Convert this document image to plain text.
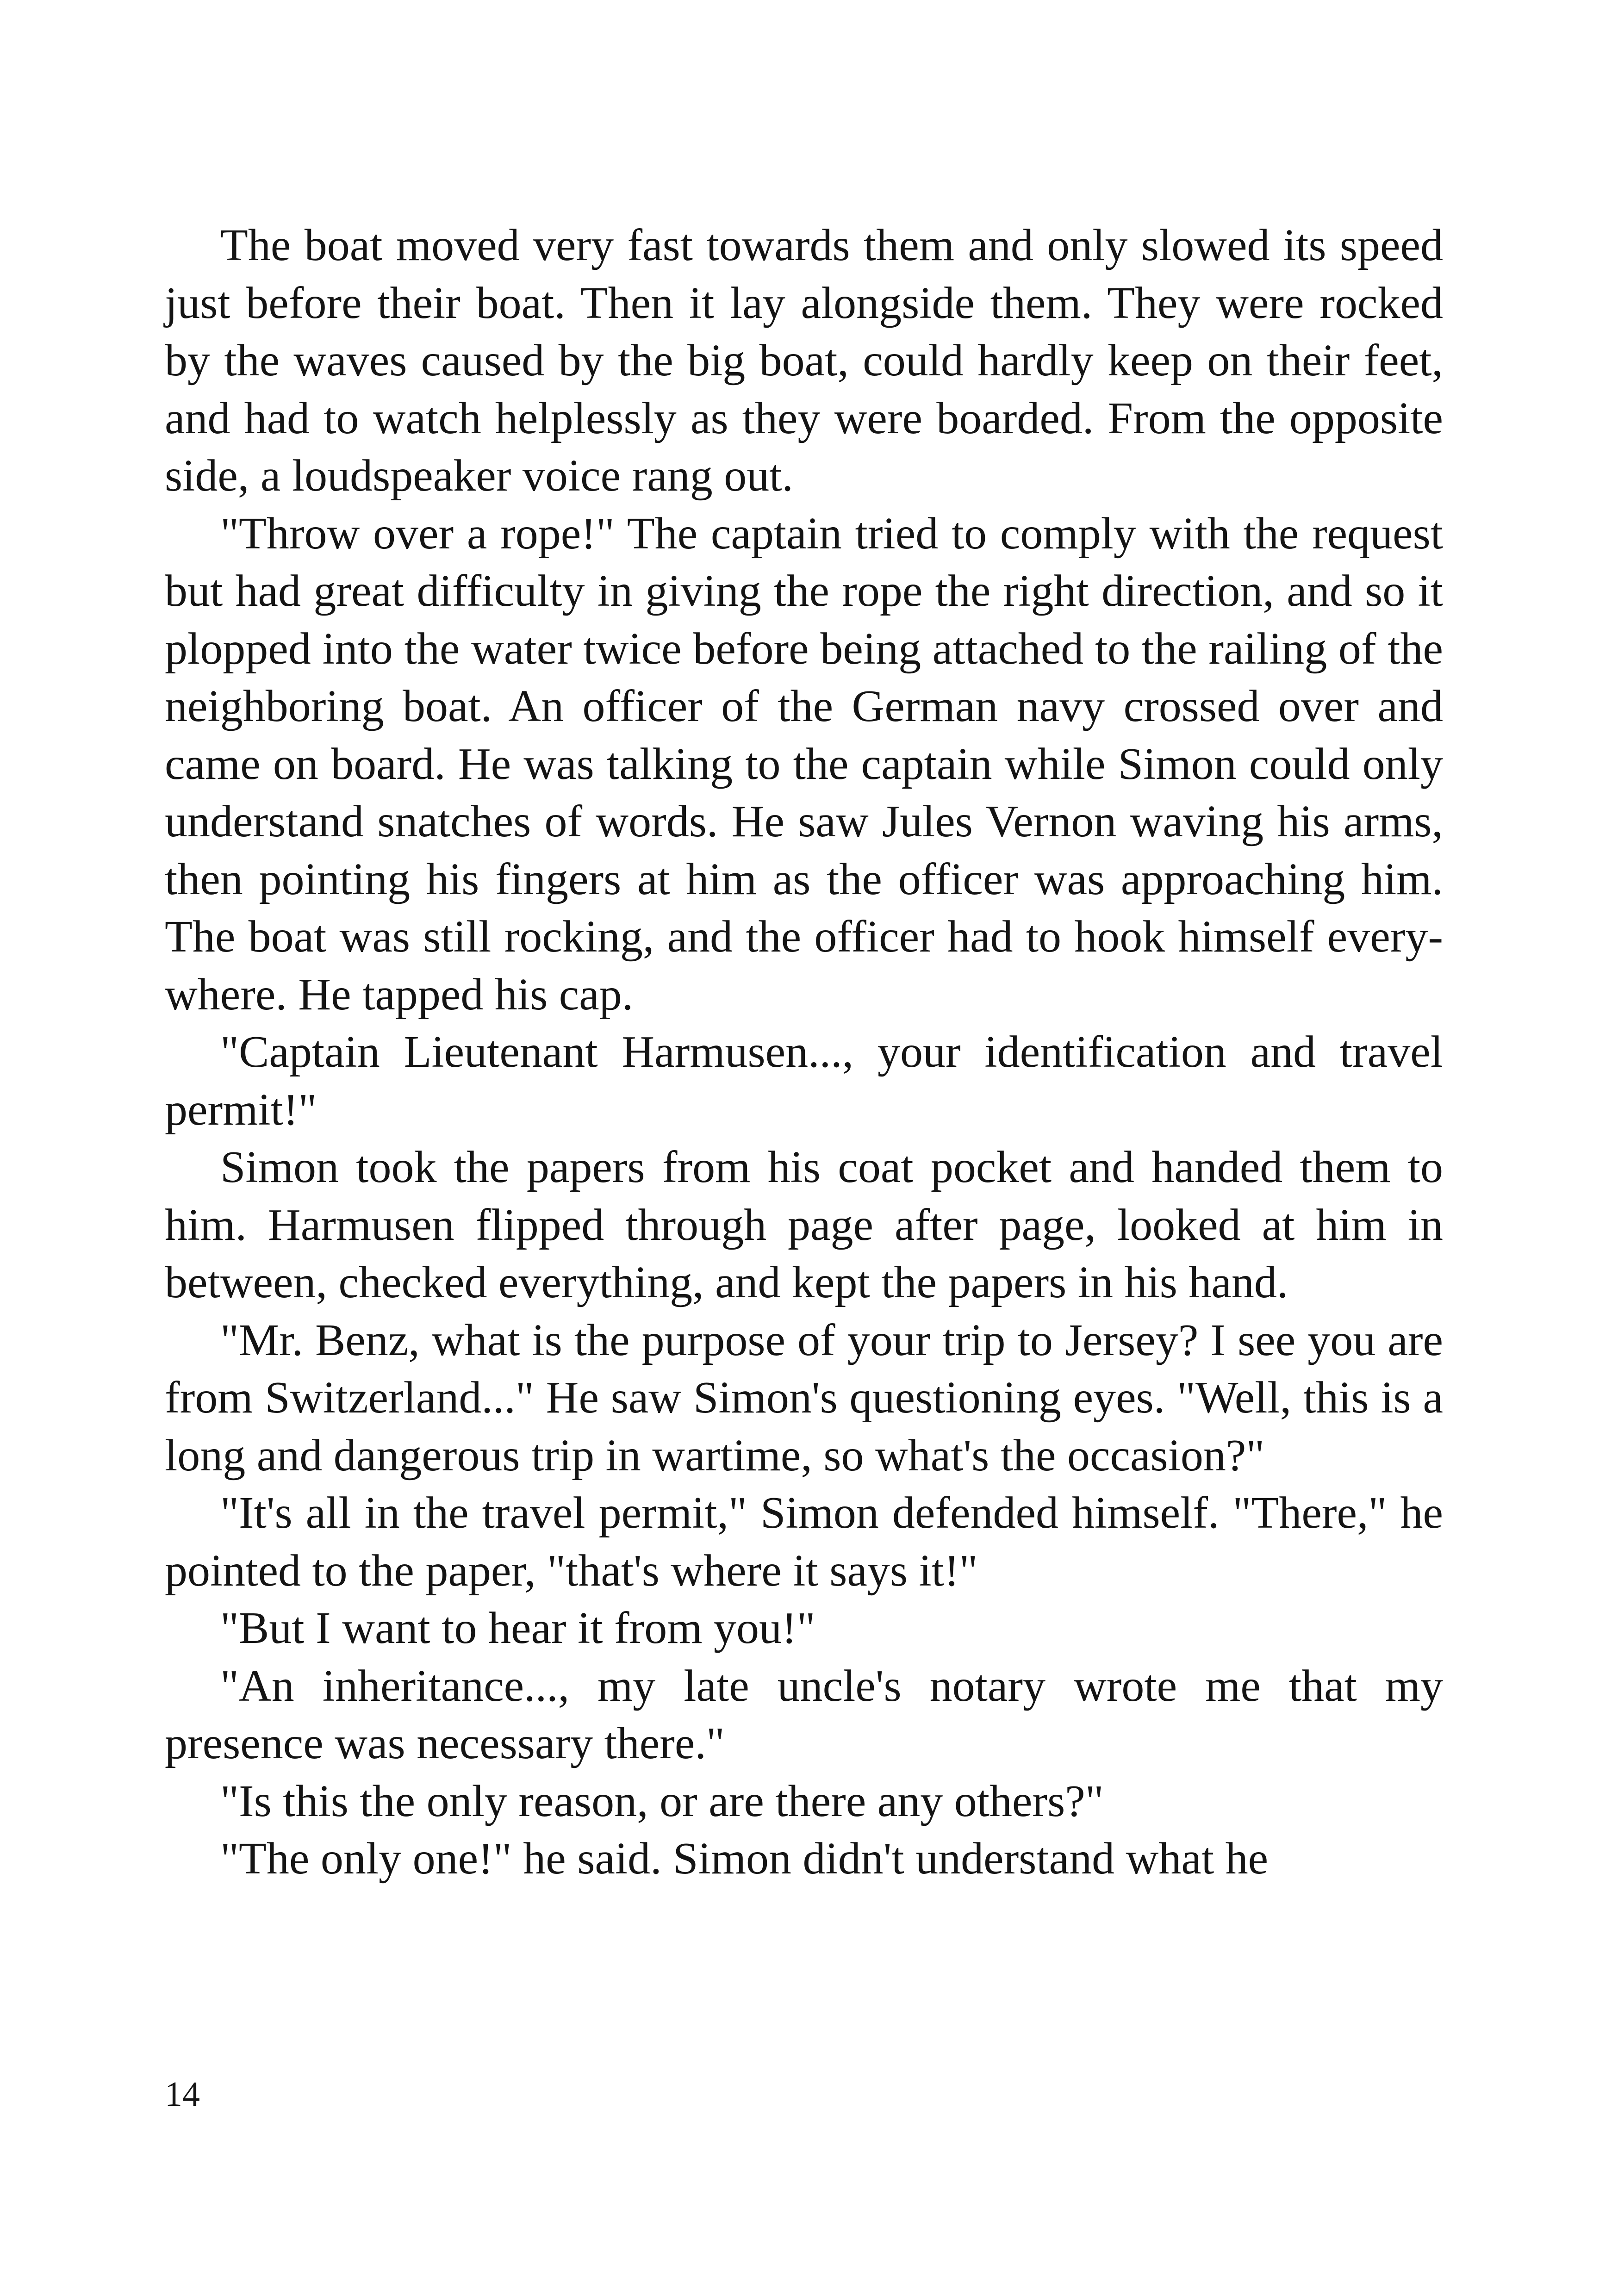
The boat moved very fast towards them and only slowed its speed just before their boat. Then it lay alongside them. They were rocked by the waves caused by the big boat, could hardly keep on their feet, and had to watch helplessly as they were boarded. From the opposite side, a loudspeaker voice rang out.

"Throw over a rope!" The captain tried to comply with the request but had great difficulty in giving the rope the right direction, and so it plopped into the water twice before being attached to the railing of the neighboring boat. An officer of the German navy crossed over and came on board. He was talking to the captain while Simon could only understand snatches of words. He saw Jules Vernon waving his arms, then pointing his fingers at him as the officer was approaching him. The boat was still rocking, and the officer had to hook himself everywhere. He tapped his cap.

"Captain Lieutenant Harmusen..., your identification and travel permit!"

Simon took the papers from his coat pocket and handed them to him. Harmusen flipped through page after page, looked at him in between, checked everything, and kept the papers in his hand.

"Mr. Benz, what is the purpose of your trip to Jersey? I see you are from Switzerland..." He saw Simon's questioning eyes. "Well, this is a long and dangerous trip in wartime, so what's the occasion?"

"It's all in the travel permit," Simon defended himself. "There," he pointed to the paper, "that's where it says it!"

"But I want to hear it from you!"

"An inheritance..., my late uncle's notary wrote me that my presence was necessary there."

"Is this the only reason, or are there any others?"

"The only one!" he said. Simon didn't understand what he

14
